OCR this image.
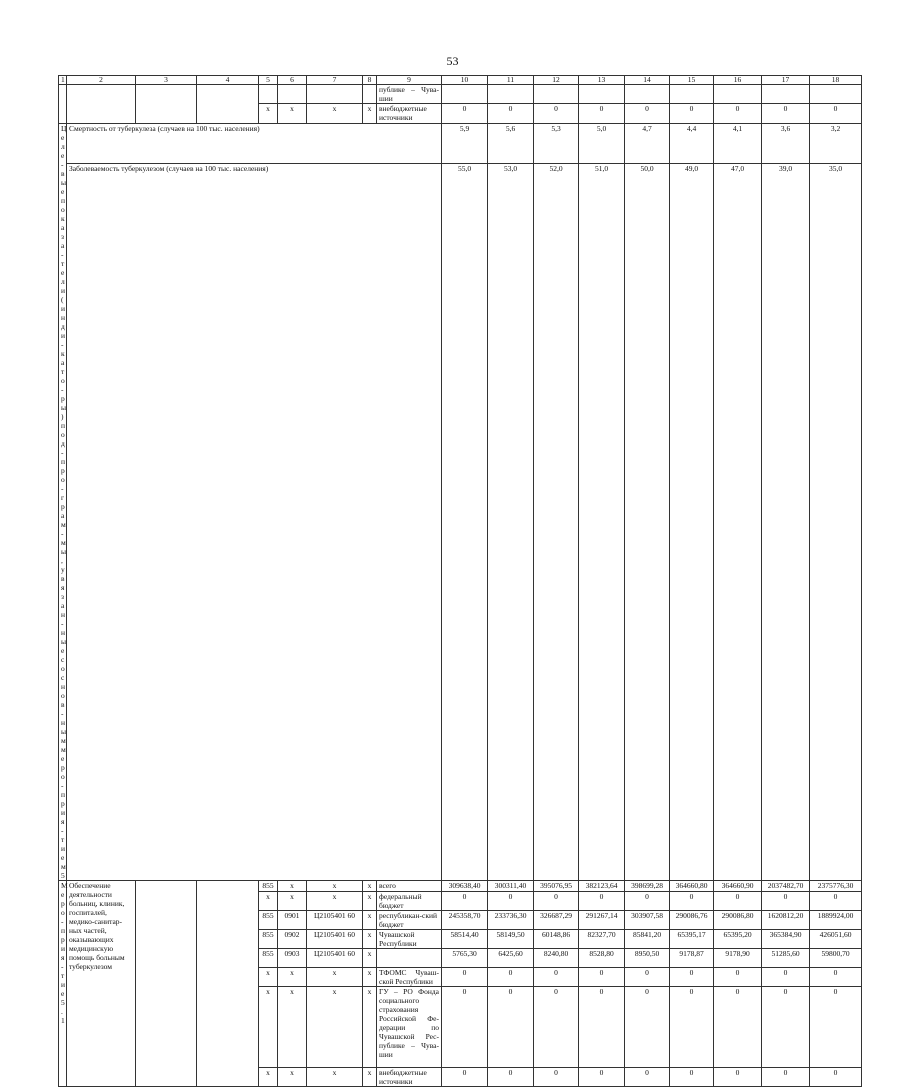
53
1	2	3	4	5	6	7	8	9	10	11	12	13	14	15	16	17	18
								публике – Чува-шии									
				х	х	х	х	внебюджетные источники	0	0	0	0	0	0	0	0	0
Целе-вые показа-тели (инди-като-ры) под-про-грам-мы, увязан-ные с основ-ным меро-прия-тием 5	Смертность от туберкулеза (случаев на 100 тыс. населения)								5,9	5,6	5,3	5,0	4,7	4,4	4,1	3,6	3,2
	Заболеваемость туберкулезом (случаев на 100 тыс. населения)								55,0	53,0	52,0	51,0	50,0	49,0	47,0	39,0	35,0
Меро-прия-тие 5.1	Обеспечение деятельности больниц, клиник, госпиталей, медико-санитар-ных частей, оказывающих медицинскую помощь больным туберкулезом			855	х	х	х	всего	309638,40	300311,40	395076,95	382123,64	398699,28	364660,80	364660,90	2037482,70	2375776,30
				х	х	х	х	федеральный бюджет	0	0	0	0	0	0	0	0	0
				855	0901	Ц2105401 60	х	республикан-ский бюджет	245358,70	233736,30	326687,29	291267,14	303907,58	290086,76	290086,80	1620812,20	1889924,00
				855	0902	Ц2105401 60	х	Чувашской Республики	58514,40	58149,50	60148,86	82327,70	85841,20	65395,17	65395,20	365384,90	426051,60
				855	0903	Ц2105401 60	х		5765,30	6425,60	8240,80	8528,80	8950,50	9178,87	9178,90	51285,60	59800,70
				х	х	х	х	ТФОМС Чуваш-ской Республики	0	0	0	0	0	0	0	0	0
				х	х	х	х	ГУ – РО Фонда социального страхования Российской Фе-дерации по Чувашской Рес-публике – Чува-шии	0	0	0	0	0	0	0	0	0
				х	х	х	х	внебюджетные источники	0	0	0	0	0	0	0	0	0
